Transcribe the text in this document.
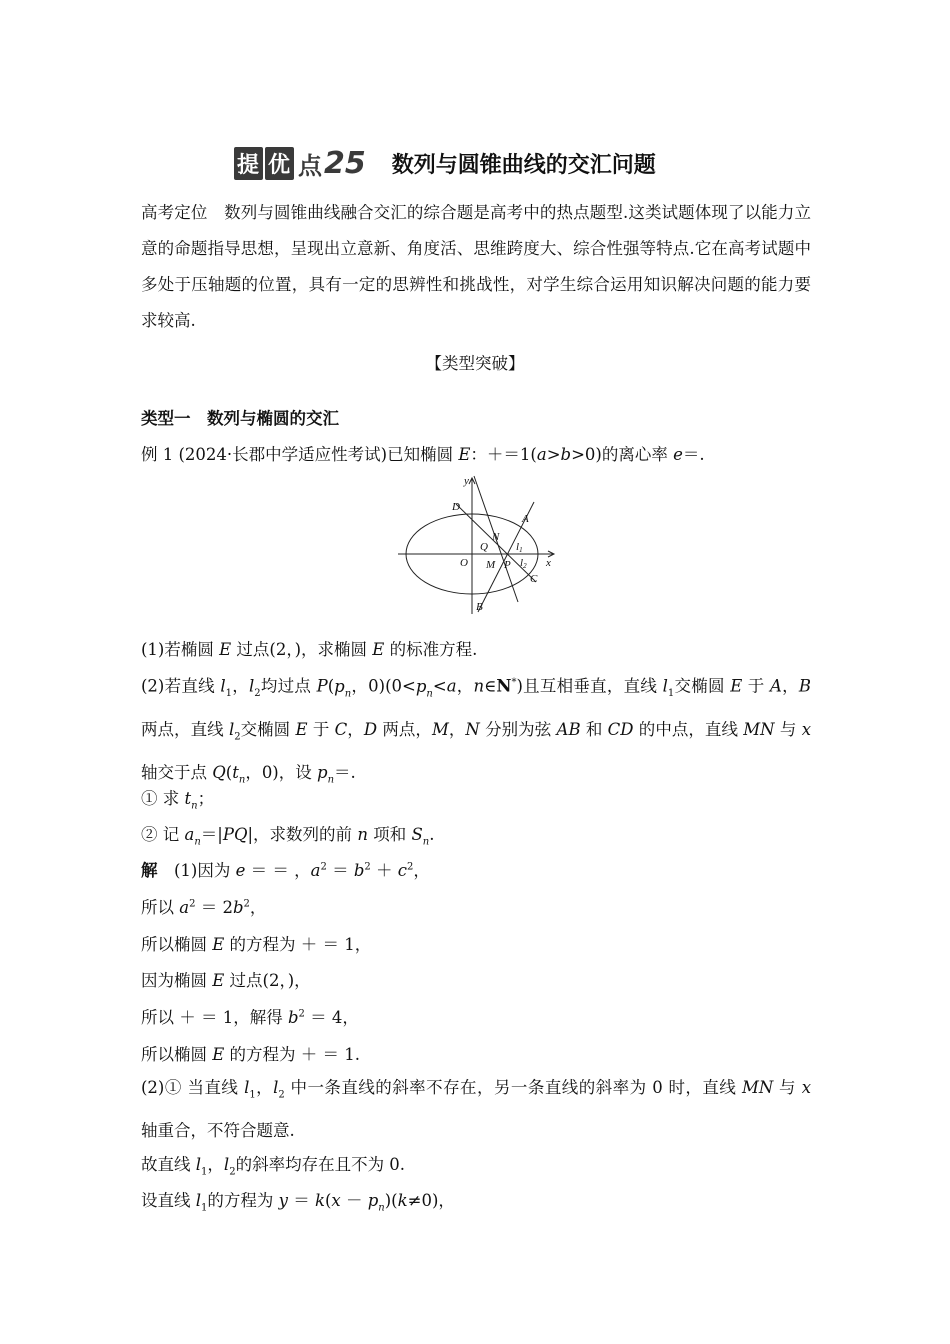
提 优 点 25 数列与圆锥曲线的交汇问题
高考定位　 数列与圆锥曲线融合交汇的综合题是高考中的热点题型.这类试题体现了以能力立意的命题指导思想，呈现出立意新、角度活、思维跨度大、综合性强等特点.它在高考试题中多处于压轴题的位置，具有一定的思辨性和挑战性，对学生综合运用知识解决问题的能力要求较高.
【类型突破】
类型一　数列与椭圆的交汇
例 1 (2024·长郡中学适应性考试)已知椭圆 E：＋＝1(a>b>0)的离心率 e＝.
y
x
O
A
B
C
D
M
N
P
Q	l1
l2
(1)若椭圆 E 过点(2，)，求椭圆 E 的标准方程.
(2)若直线 $l_1$，$l_2$均过点 $P(p_n$，$0)(0<p_n<a$，n∈N*)且互相垂直，直线 $l_1$交椭圆 E 于 A，B 两点，直线 $l_2$交椭圆 E 于 C，D 两点，M，N 分别为弦 AB 和 CD 的中点，直线 MN 与 x 轴交于点 $Q(t_n$，0)，设 $p_n=$.
① 求 $t_n$；
② 记 $a_n=|PQ|$，求数列的前 n 项和 $S_n$.
解　(1)因为 e ＝ ＝ ，$a^2 = b^2 + c^2$，
所以 $a^2 = 2b^2$，
所以椭圆 E 的方程为 ＋ ＝ 1，
因为椭圆 E 过点(2，)，
所以 ＋ ＝ 1，解得 $b^2 = 4$，
所以椭圆 E 的方程为 ＋ ＝ 1.
(2)① 当直线 $l_1$，$l_2$ 中一条直线的斜率不存在，另一条直线的斜率为 0 时，直线 MN 与 x 轴重合，不符合题意.
故直线 $l_1$，$l_2$的斜率均存在且不为 0.
设直线 $l_1$的方程为 $y = k(x - p_n)(k\ne 0)$，
